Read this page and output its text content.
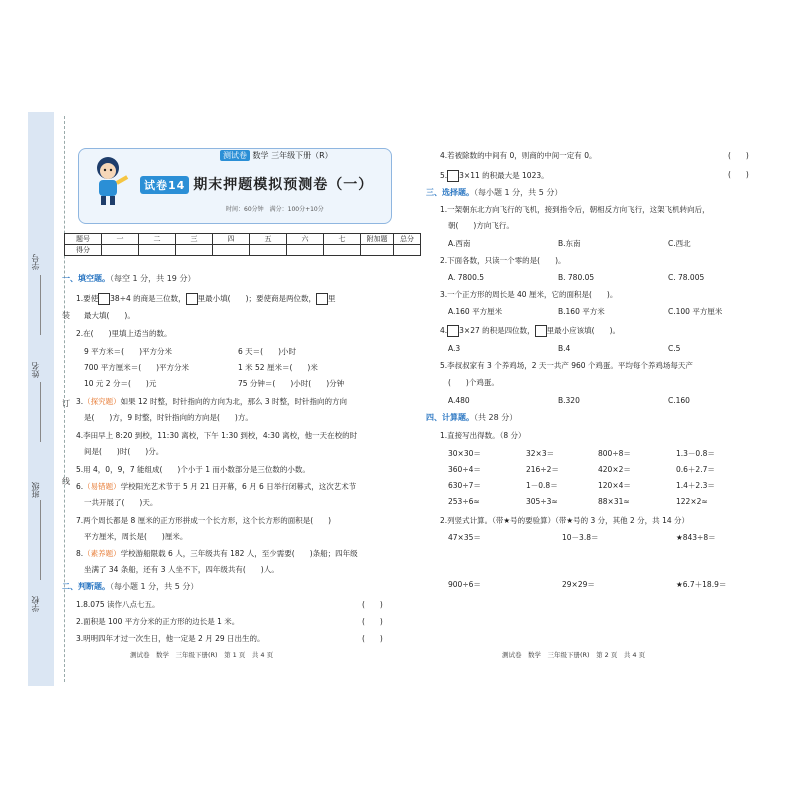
学号
姓名
班级
学校
装
订
线
测试卷 数学 三年级下册（R）
试卷14 期末押题模拟预测卷（一）
时间：60分钟　满分：100分+10分
题号	一	二	三	四	五	六	七	附加题	总分
得分									
一、填空题。（每空 1 分，共 19 分）
1.要使 38÷4 的商是三位数， 里最小填(　　)；要使商是两位数， 里
最大填(　　)。
2.在(　　)里填上适当的数。
9 平方米＝(　　)平方分米	6 天＝(　　)小时
700 平方厘米＝(　　)平方分米	1 米 52 厘米＝(　　)米
10 元 2 分＝(　　)元	75 分钟＝(　　)小时(　　)分钟
3.（探究题）如果 12 时整，时针指向的方向为北，那么 3 时整，时针指向的方向
是(　　)方，9 时整，时针指向的方向是(　　)方。
4.李田早上 8:20 到校，11:30 离校，下午 1:30 到校，4:30 离校，他一天在校的时
间是(　　)时(　　)分。
5.用 4，0，9，7 能组成(　　)个小于 1 而小数部分是三位数的小数。
6.（易错题）学校阳光艺术节于 5 月 21 日开幕，6 月 6 日举行闭幕式，这次艺术节
一共开展了(　　)天。
7.两个周长都是 8 厘米的正方形拼成一个长方形，这个长方形的面积是(　　)
平方厘米，周长是(　　)厘米。
8.（素养题）学校游船限载 6 人，三年级共有 182 人，至少需要(　　)条船；四年级
坐满了 34 条船，还有 3 人坐不下，四年级共有(　　)人。
二、判断题。（每小题 1 分，共 5 分）
1.8.075 读作八点七五。	(　　)
2.面积是 100 平方分米的正方形的边长是 1 米。	(　　)
3.明明四年才过一次生日，他一定是 2 月 29 日出生的。	(　　)
测试卷　数学　三年级下册(R)　第 1 页　共 4 页
4.若被除数的中间有 0，则商的中间一定有 0。	(　　)
5. 3×11 的积最大是 1023。	(　　)
三、选择题。（每小题 1 分，共 5 分）
1.一架朝东北方向飞行的飞机，接到指令后，朝相反方向飞行，这架飞机转向后，
朝(　　)方向飞行。
A.西南	B.东南	C.西北
2.下面各数，只读一个零的是(　　)。
A. 7800.5	B. 780.05	C. 78.005
3.一个正方形的周长是 40 厘米，它的面积是(　　)。
A.160 平方厘米	B.160 平方米	C.100 平方厘米
4. 3×27 的积是四位数， 里最小应该填(　　)。
A.3	B.4	C.5
5.李叔叔家有 3 个养鸡场，2 天一共产 960 个鸡蛋。平均每个养鸡场每天产
(　　)个鸡蛋。
A.480	B.320	C.160
四、计算题。（共 28 分）
1.直接写出得数。（8 分）
30×30＝	32×3＝	800÷8＝	1.3－0.8＝
360÷4＝	216÷2＝	420×2＝	0.6＋2.7＝
630÷7＝	1－0.8＝	120×4＝	1.4＋2.3＝
253÷6≈	305÷3≈	88×31≈	122×2≈
2.列竖式计算。（带★号的要验算）（带★号的 3 分，其他 2 分，共 14 分）
47×35＝	10－3.8＝	★843÷8＝
900÷6＝	29×29＝	★6.7＋18.9＝
测试卷　数学　三年级下册(R)　第 2 页　共 4 页
